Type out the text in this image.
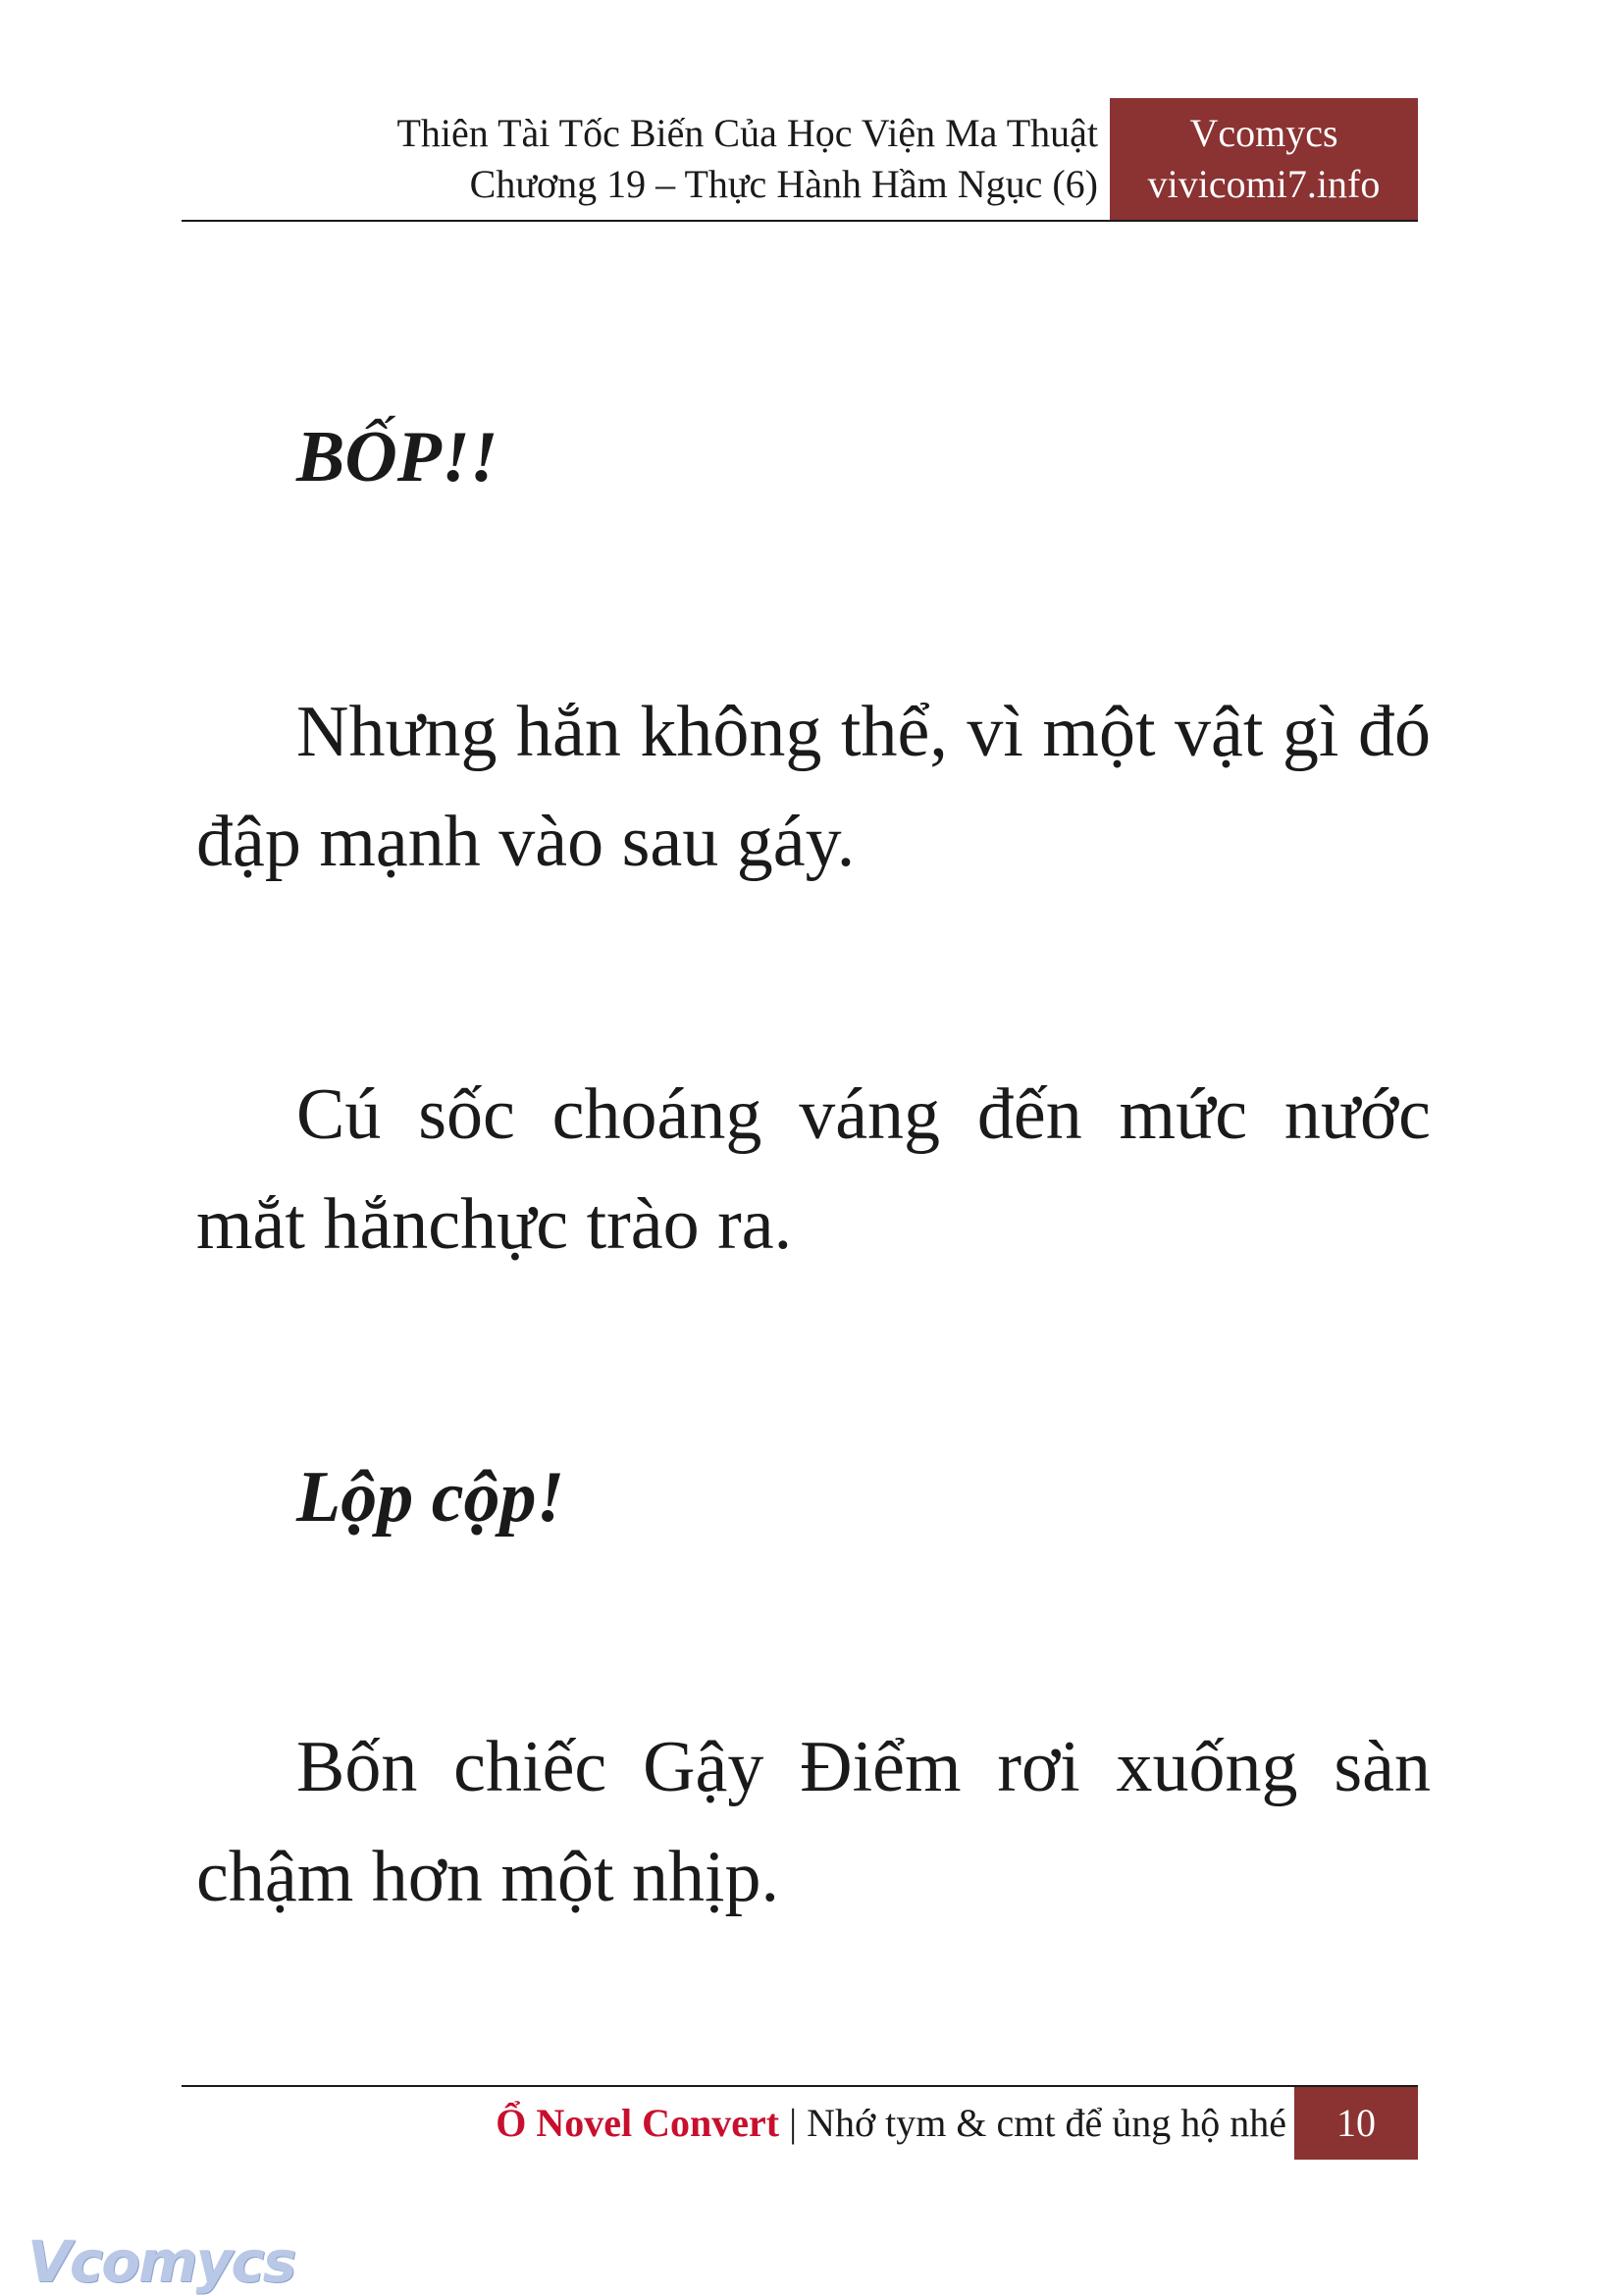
Thiên Tài Tốc Biến Của Học Viện Ma Thuật
Chương 19 – Thực Hành Hầm Ngục (6)
Vcomycs
vivicomi7.info

BỐP!!

Nhưng hắn không thể, vì một vật gì đó đập mạnh vào sau gáy.

Cú sốc choáng váng đến mức nước mắt hắnchực trào ra.

Lộp cộp!

Bốn chiếc Gậy Điểm rơi xuống sàn chậm hơn một nhịp.

Ổ Novel Convert | Nhớ tym & cmt để ủng hộ nhé	10
Vcomycs
